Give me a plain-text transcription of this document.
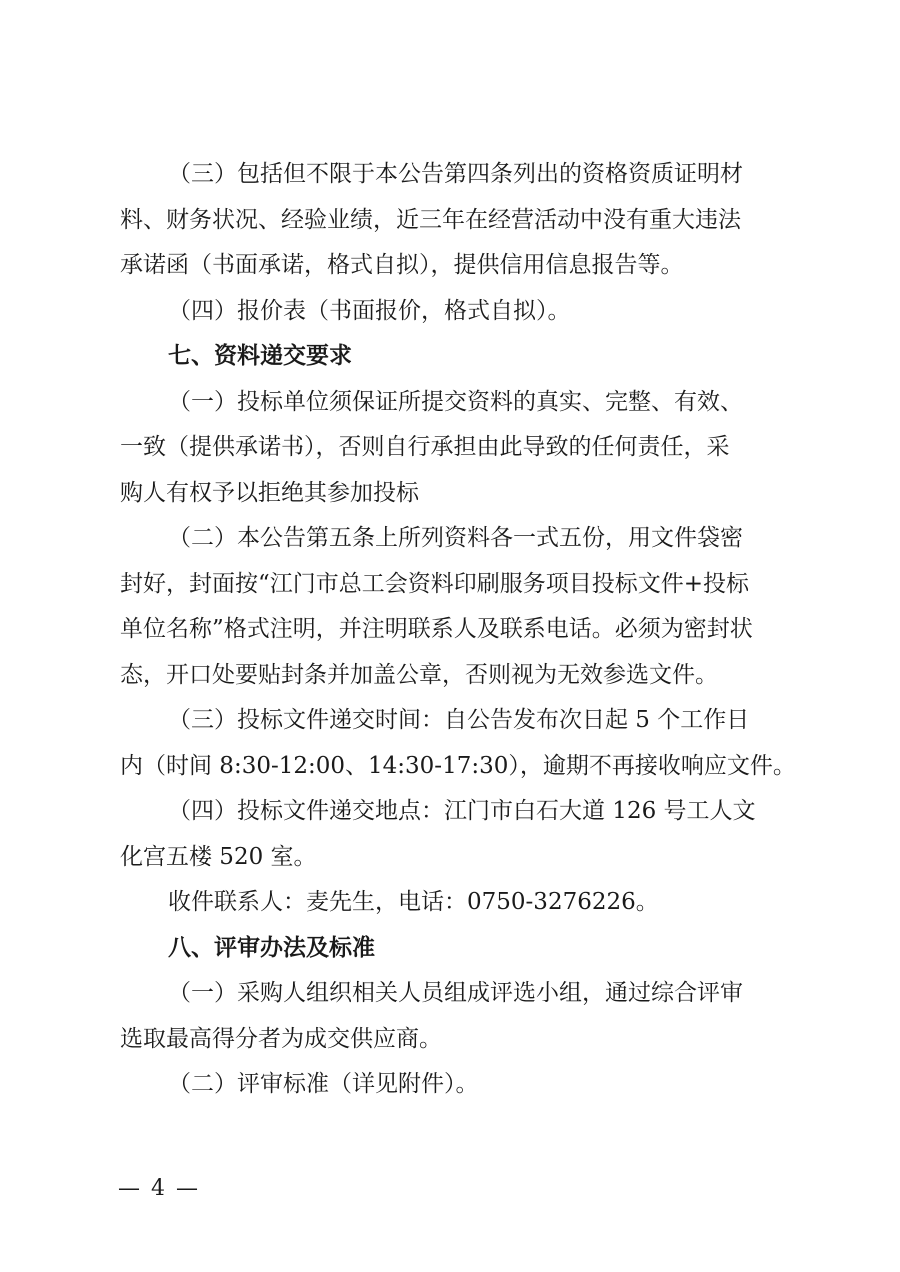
（三）包括但不限于本公告第四条列出的资格资质证明材
料、财务状况、经验业绩，近三年在经营活动中没有重大违法
承诺函（书面承诺，格式自拟），提供信用信息报告等。
（四）报价表（书面报价，格式自拟）。
七、资料递交要求
（一）投标单位须保证所提交资料的真实、完整、有效、
一致（提供承诺书），否则自行承担由此导致的任何责任，采
购人有权予以拒绝其参加投标
（二）本公告第五条上所列资料各一式五份，用文件袋密
封好，封面按“江门市总工会资料印刷服务项目投标文件+投标
单位名称”格式注明，并注明联系人及联系电话。必须为密封状
态，开口处要贴封条并加盖公章，否则视为无效参选文件。
（三）投标文件递交时间：自公告发布次日起 5 个工作日
内（时间 8:30-12:00、14:30-17:30），逾期不再接收响应文件。
（四）投标文件递交地点：江门市白石大道 126 号工人文
化宫五楼 520 室。
收件联系人：麦先生，电话：0750-3276226。
八、评审办法及标准
（一）采购人组织相关人员组成评选小组，通过综合评审
选取最高得分者为成交供应商。
（二）评审标准（详见附件）。
— 4 —
